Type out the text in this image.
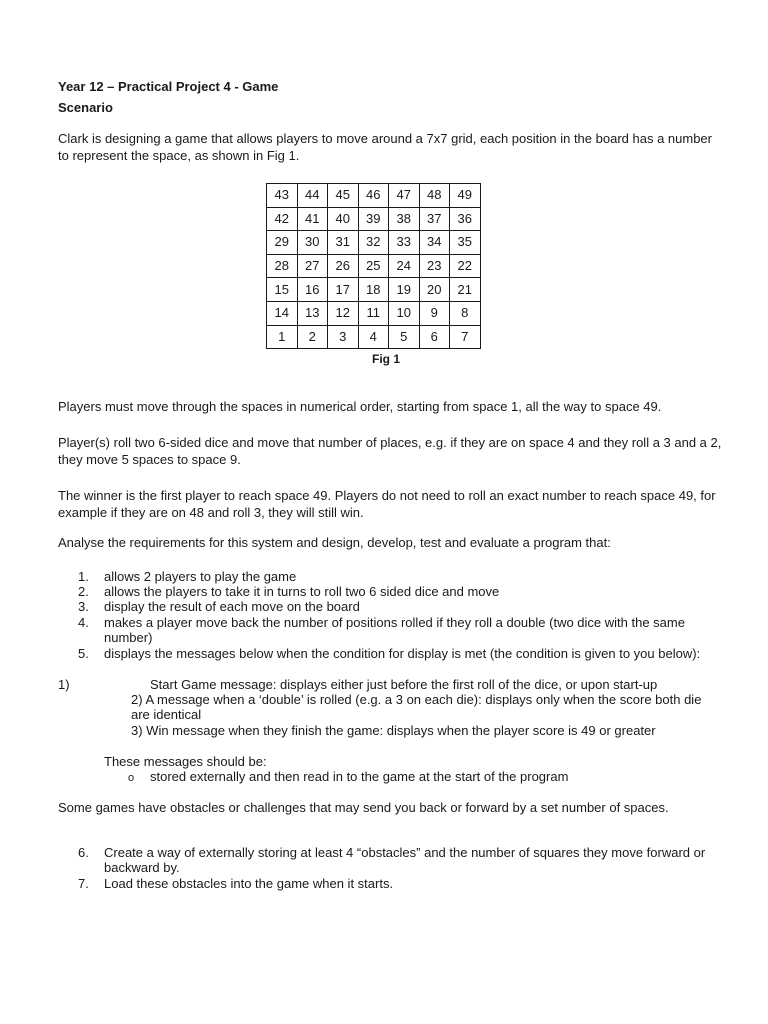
Year 12 – Practical Project 4 - Game
Scenario
Clark is designing a game that allows players to move around a 7x7 grid, each position in the board has a number to represent the space, as shown in Fig 1.
43	44	45	46	47	48	49
42	41	40	39	38	37	36
29	30	31	32	33	34	35
28	27	26	25	24	23	22
15	16	17	18	19	20	21
14	13	12	11	10	9	8
1	2	3	4	5	6	7
Fig 1
Players must move through the spaces in numerical order, starting from space 1, all the way to space 49.
Player(s) roll two 6-sided dice and move that number of places, e.g. if they are on space 4 and they roll a 3 and a 2, they move 5 spaces to space 9.
The winner is the first player to reach space 49. Players do not need to roll an exact number to reach space 49, for example if they are on 48 and roll 3, they will still win.
Analyse the requirements for this system and design, develop, test and evaluate a program that:
1. allows 2 players to play the game
2. allows the players to take it in turns to roll two 6 sided dice and move
3. display the result of each move on the board
4. makes a player move back the number of positions rolled if they roll a double (two dice with the same number)
5. displays the messages below when the condition for display is met (the condition is given to you below):
1)	Start Game message: displays either just before the first roll of the dice, or upon start-up
2) A message when a ‘double’ is rolled (e.g. a 3 on each die): displays only when the score both die are identical
3) Win message when they finish the game: displays when the player score is 49 or greater
These messages should be:
o stored externally and then read in to the game at the start of the program
Some games have obstacles or challenges that may send you back or forward by a set number of spaces.
6. Create a way of externally storing at least 4 “obstacles” and the number of squares they move forward or backward by.
7. Load these obstacles into the game when it starts.
